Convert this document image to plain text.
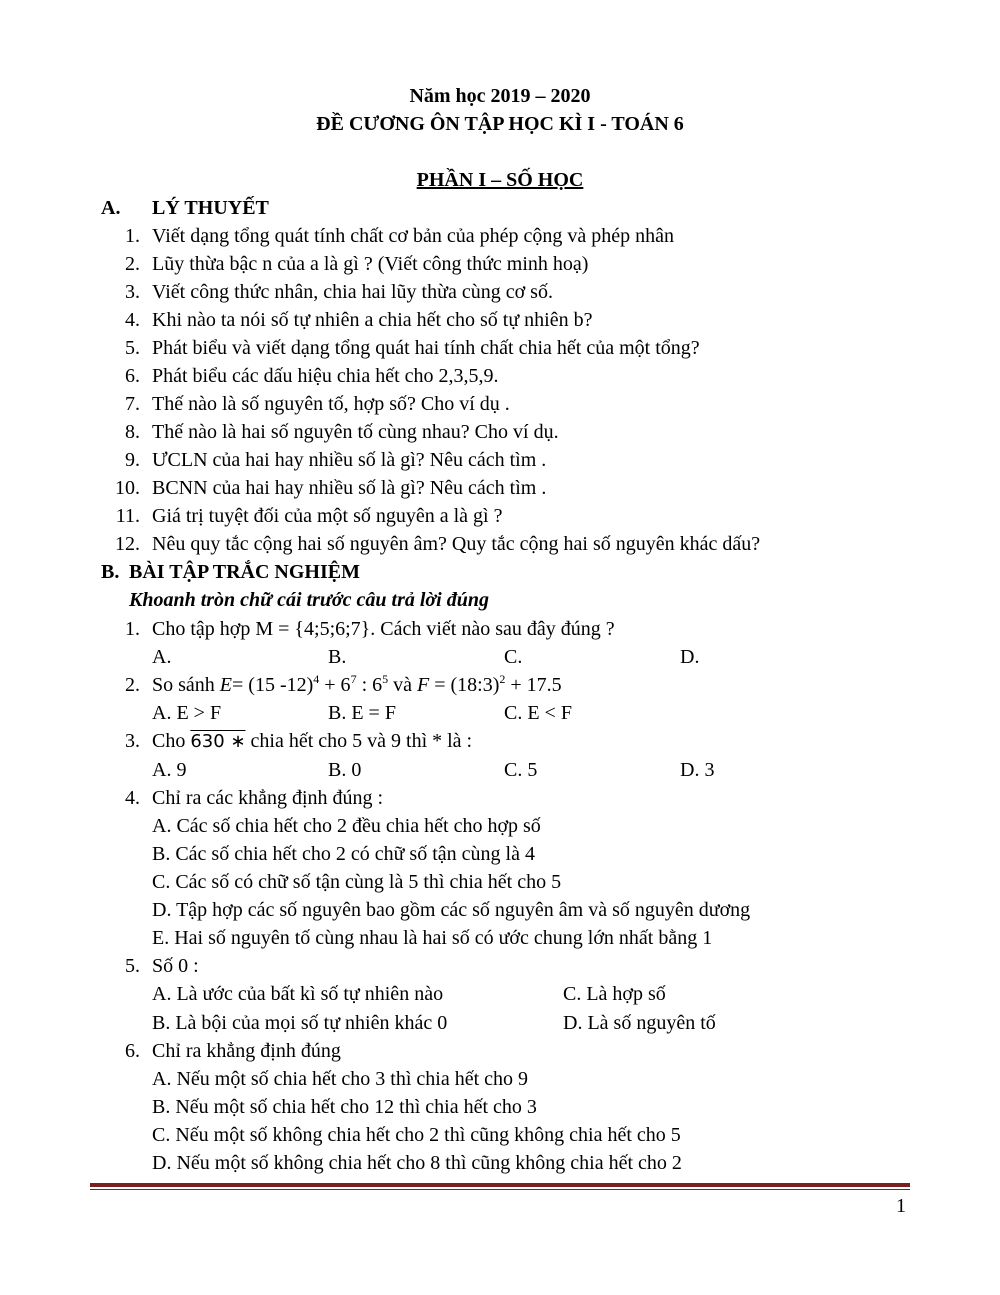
Năm học 2019 – 2020
ĐỀ CƯƠNG ÔN TẬP HỌC KÌ I - TOÁN 6
PHẦN I – SỐ HỌC
A. LÝ THUYẾT
1. Viết dạng tổng quát tính chất cơ bản của phép cộng và phép nhân
2. Lũy thừa bậc n của a là gì ? (Viết công thức minh hoạ)
3. Viết công thức nhân, chia hai lũy thừa cùng cơ số.
4. Khi nào ta nói số tự nhiên a chia hết cho số tự nhiên b?
5. Phát biểu và viết dạng tổng quát hai tính chất chia hết của một tổng?
6. Phát biểu các dấu hiệu chia hết cho 2,3,5,9.
7. Thế nào là số nguyên tố, hợp số? Cho ví dụ .
8. Thế nào là hai số nguyên tố cùng nhau? Cho ví dụ.
9. ƯCLN của hai hay nhiều số là gì? Nêu cách tìm .
10. BCNN của hai hay nhiều số là gì? Nêu cách tìm .
11. Giá trị tuyệt đối của một số nguyên a là gì ?
12. Nêu quy tắc cộng hai số nguyên âm? Quy tắc cộng hai số nguyên khác dấu?
B. BÀI TẬP TRẮC NGHIỆM
Khoanh tròn chữ cái trước câu trả lời đúng
1. Cho tập hợp M = {4;5;6;7}. Cách viết nào sau đây đúng ?
A.	B.	C.	D.
2. So sánh E= (15 $-12)^4 + 6^7$ : $6^5$ và F = (18:3)$^2$ + 17.5
A. E > F	B. E = F	C. E < F
3. Cho 630 ∗ chia hết cho 5 và 9 thì * là :
A. 9	B. 0	C. 5	D. 3
4. Chỉ ra các khẳng định đúng :
A. Các số chia hết cho 2 đều chia hết cho hợp số
B. Các số chia hết cho 2 có chữ số tận cùng là 4
C. Các số có chữ số tận cùng là 5 thì chia hết cho 5
D. Tập hợp các số nguyên bao gồm các số nguyên âm và số nguyên dương
E. Hai số nguyên tố cùng nhau là hai số có ước chung lớn nhất bằng 1
5. Số 0 :
A. Là ước của bất kì số tự nhiên nào	C. Là hợp số
B. Là bội của mọi số tự nhiên khác 0	D. Là số nguyên tố
6. Chỉ ra khẳng định đúng
A. Nếu một số chia hết cho 3 thì chia hết cho 9
B. Nếu một số chia hết cho 12 thì chia hết cho 3
C. Nếu một số không chia hết cho 2 thì cũng không chia hết cho 5
D. Nếu một số không chia hết cho 8 thì cũng không chia hết cho 2
1
